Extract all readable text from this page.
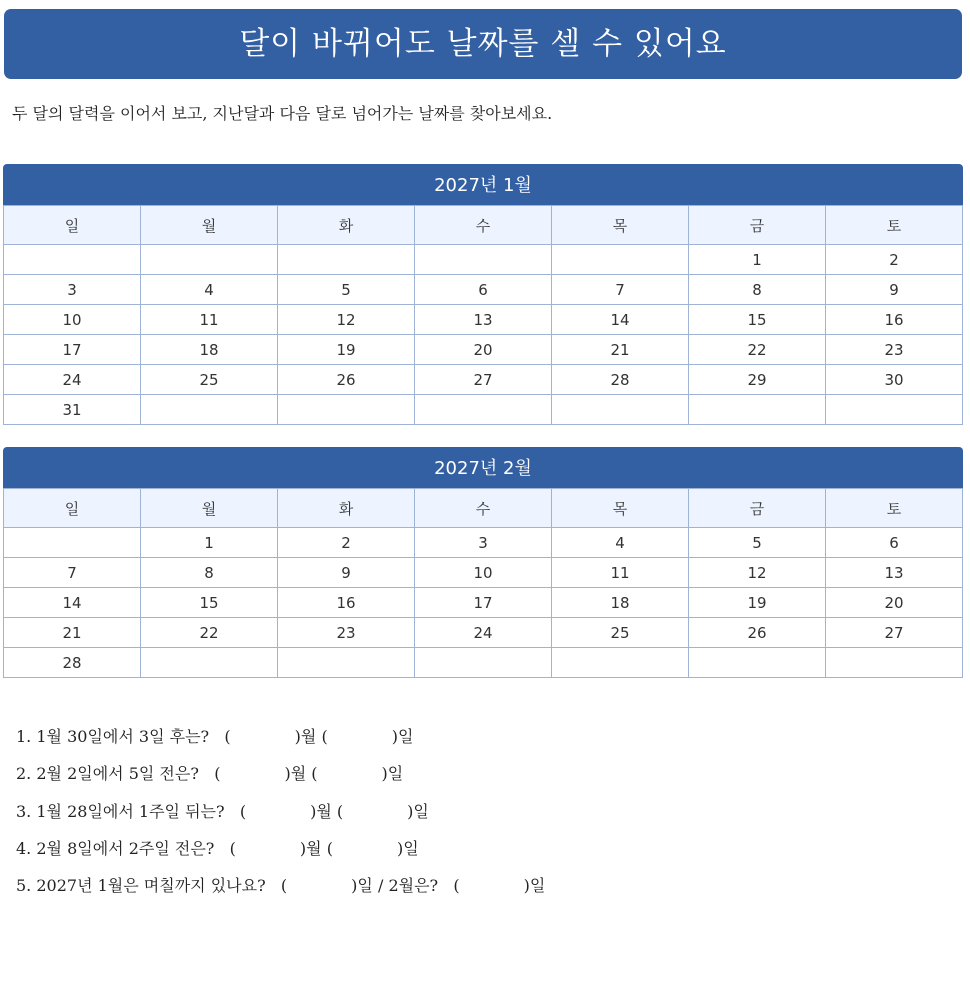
달이 바뀌어도 날짜를 셀 수 있어요
두 달의 달력을 이어서 보고, 지난달과 다음 달로 넘어가는 날짜를 찾아보세요.
2027년 1월
일	월	화	수	목	금	토
					1	2
3	4	5	6	7	8	9
10	11	12	13	14	15	16
17	18	19	20	21	22	23
24	25	26	27	28	29	30
31						
2027년 2월
일	월	화	수	목	금	토
	1	2	3	4	5	6
7	8	9	10	11	12	13
14	15	16	17	18	19	20
21	22	23	24	25	26	27
28						
1. 1월 30일에서 3일 후는? (	)월 (	)일
2. 2월 2일에서 5일 전은? (	)월 (	)일
3. 1월 28일에서 1주일 뒤는? (	)월 (	)일
4. 2월 8일에서 2주일 전은? (	)월 (	)일
5. 2027년 1월은 며칠까지 있나요? (	)일 / 2월은? (	)일
